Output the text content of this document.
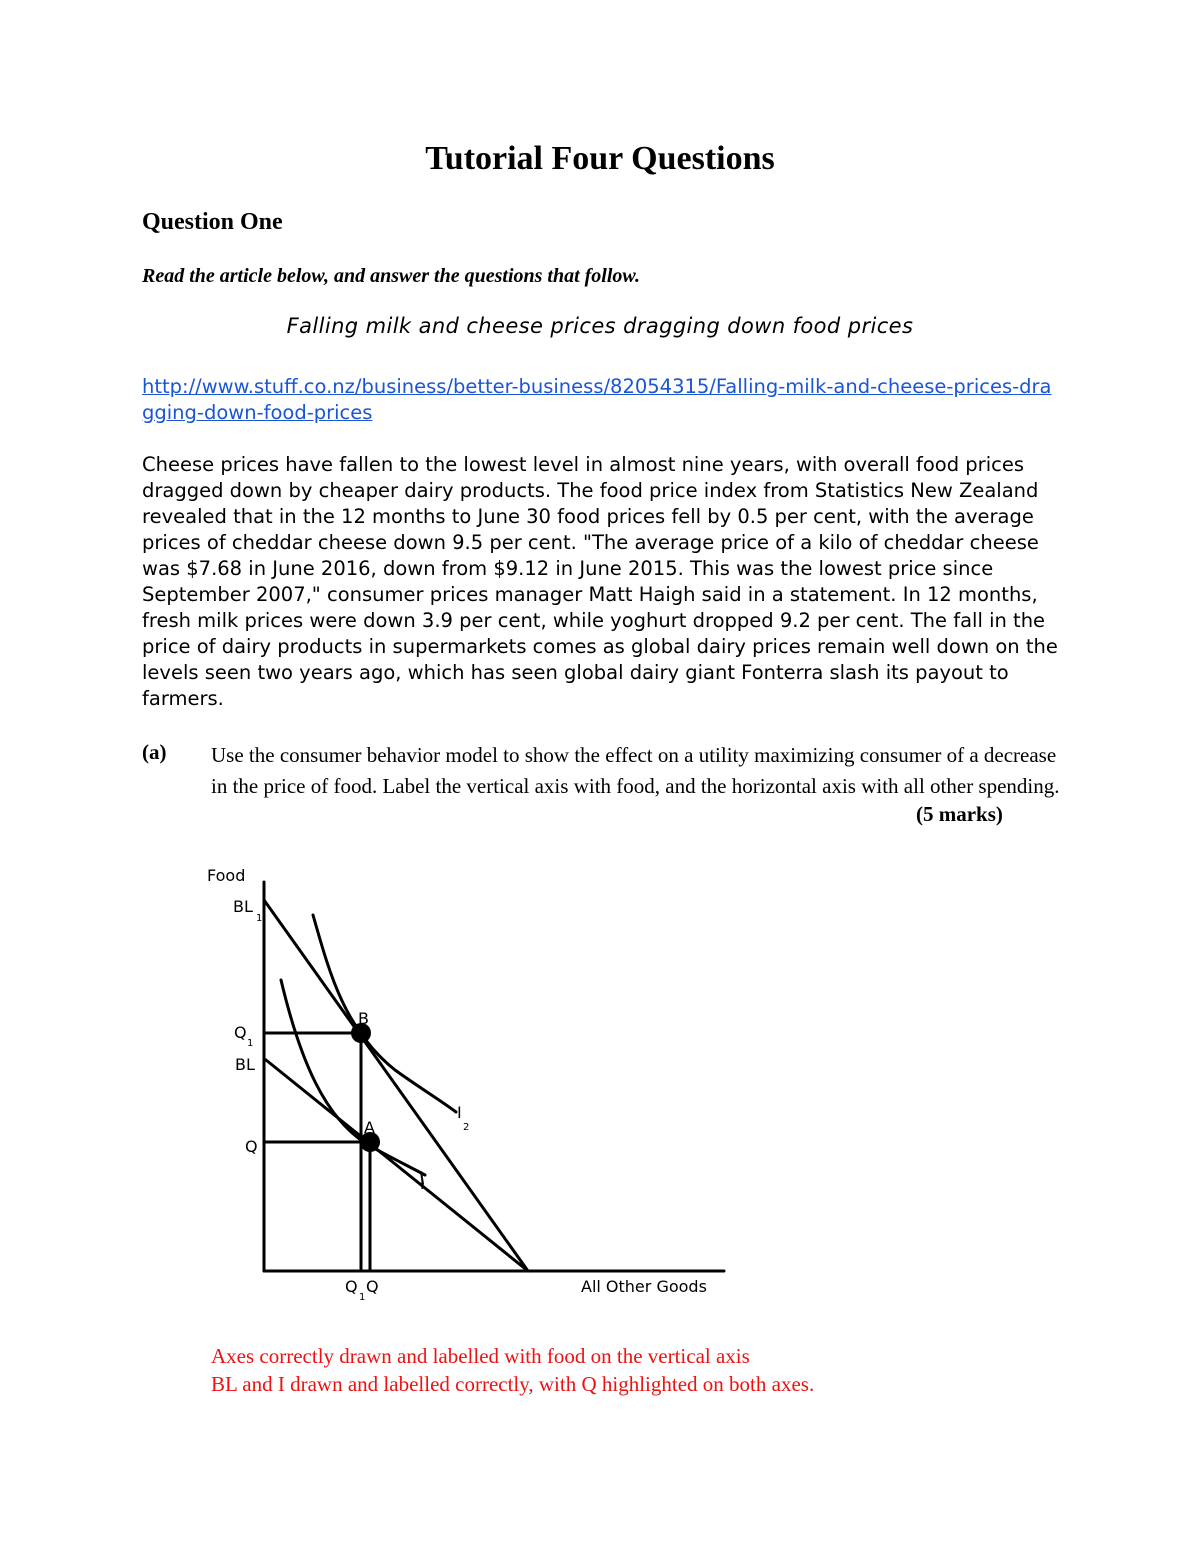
Tutorial Four Questions
Question One
Read the article below, and answer the questions that follow.
Falling milk and cheese prices dragging down food prices
http://www.stuff.co.nz/business/better-business/82054315/Falling-milk-and-cheese-prices-dragging-down-food-prices
Cheese prices have fallen to the lowest level in almost nine years, with overall food prices dragged down by cheaper dairy products. The food price index from Statistics New Zealand revealed that in the 12 months to June 30 food prices fell by 0.5 per cent, with the average prices of cheddar cheese down 9.5 per cent. "The average price of a kilo of cheddar cheese was $7.68 in June 2016, down from $9.12 in June 2015. This was the lowest price since September 2007," consumer prices manager Matt Haigh said in a statement. In 12 months, fresh milk prices were down 3.9 per cent, while yoghurt dropped 9.2 per cent. The fall in the price of dairy products in supermarkets comes as global dairy prices remain well down on the levels seen two years ago, which has seen global dairy giant Fonterra slash its payout to farmers.
(a) Use the consumer behavior model to show the effect on a utility maximizing consumer of a decrease in the price of food. Label the vertical axis with food, and the horizontal axis with all other spending.
(5 marks)
Food
BL
1
Q
1
BL
Q
B
A
I
2
I
Q
1
Q	All Other Goods
Axes correctly drawn and labelled with food on the vertical axis
BL and I drawn and labelled correctly, with Q highlighted on both axes.
